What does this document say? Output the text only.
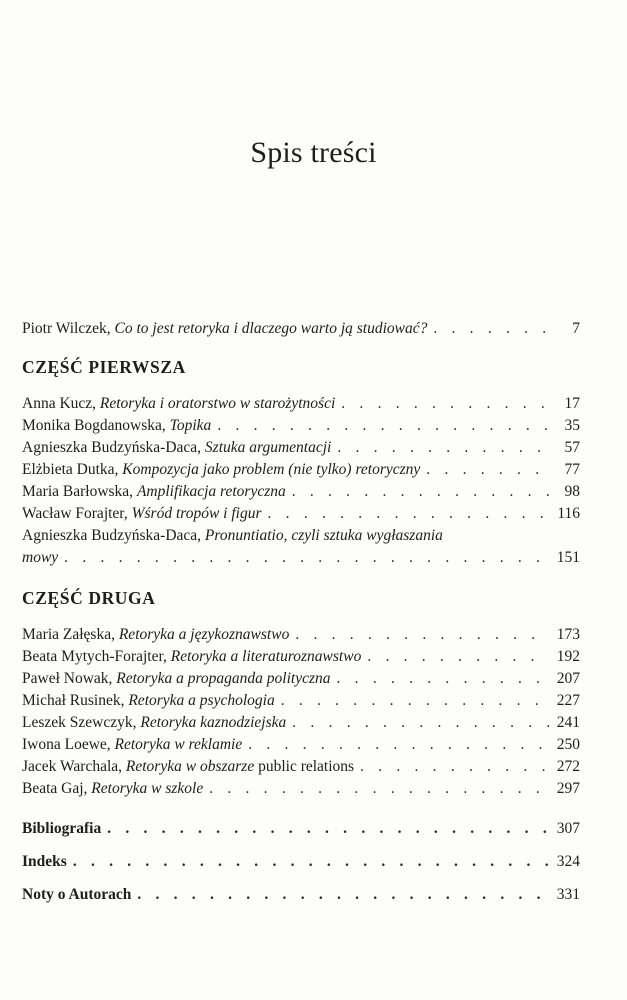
Spis treści
Piotr Wilczek, Co to jest retoryka i dlaczego warto ją studiować? . . .	7
CZĘŚĆ PIERWSZA
Anna Kucz, Retoryka i oratorstwo w starożytności . . .	17
Monika Bogdanowska, Topika . . .	35
Agnieszka Budzyńska-Daca, Sztuka argumentacji . . .	57
Elżbieta Dutka, Kompozycja jako problem (nie tylko) retoryczny . . .	77
Maria Barłowska, Amplifikacja retoryczna . . .	98
Wacław Forajter, Wśród tropów i figur . . .	116
Agnieszka Budzyńska-Daca, Pronuntiatio, czyli sztuka wygłaszania
mowy . . .	151
CZĘŚĆ DRUGA
Maria Załęska, Retoryka a językoznawstwo . . .	173
Beata Mytych-Forajter, Retoryka a literaturoznawstwo . . .	192
Paweł Nowak, Retoryka a propaganda polityczna . . .	207
Michał Rusinek, Retoryka a psychologia . . .	227
Leszek Szewczyk, Retoryka kaznodziejska . . .	241
Iwona Loewe, Retoryka w reklamie . . .	250
Jacek Warchala, Retoryka w obszarze public relations . . .	272
Beata Gaj, Retoryka w szkole . . .	297
Bibliografia . . .	307
Indeks . . .	324
Noty o Autorach . . .	331
